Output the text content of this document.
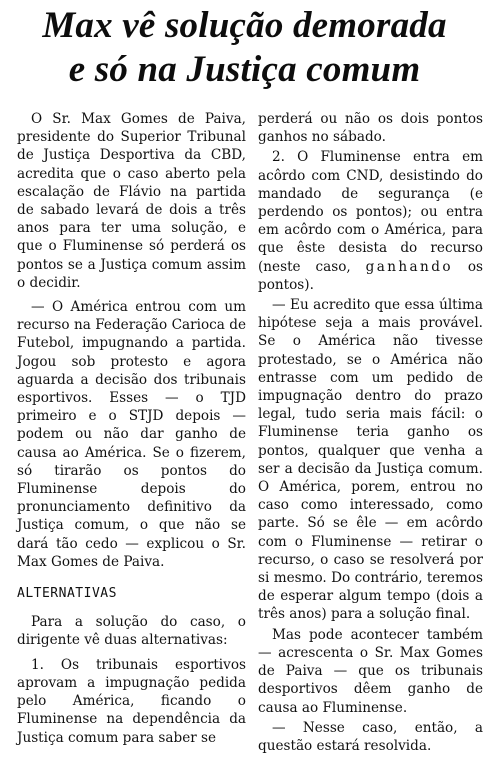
Max vê solução demorada
e só na Justiça comum

O Sr. Max Gomes de Paiva, presidente do Superior Tribunal de Justiça Desportiva da CBD, acredita que o caso aberto pela escalação de Flávio na partida de sabado levará de dois a três anos para ter uma solução, e que o Fluminense só perderá os pontos se a Justiça comum assim o decidir.

— O América entrou com um recurso na Federação Carioca de Futebol, impugnando a partida. Jogou sob protesto e agora aguarda a decisão dos tribunais esportivos. Esses — o TJD primeiro e o STJD depois — podem ou não dar ganho de causa ao América. Se o fizerem, só tirarão os pontos do Fluminense depois do pronunciamento definitivo da Justiça comum, o que não se dará tão cedo — explicou o Sr. Max Gomes de Paiva.

ALTERNATIVAS

Para a solução do caso, o dirigente vê duas alternativas:

1. Os tribunais esportivos aprovam a impugnação pedida pelo América, ficando o Fluminense na dependência da Justiça comum para saber se

perderá ou não os dois pontos ganhos no sábado.

2. O Fluminense entra em acôrdo com CND, desistindo do mandado de segurança (e perdendo os pontos); ou entra em acôrdo com o América, para que êste desista do recurso (neste caso, ganhando os pontos).

— Eu acredito que essa última hipótese seja a mais provável. Se o América não tivesse protestado, se o América não entrasse com um pedido de impugnação dentro do prazo legal, tudo seria mais fácil: o Fluminense teria ganho os pontos, qualquer que venha a ser a decisão da Justiça comum. O América, porem, entrou no caso como interessado, como parte. Só se êle — em acôrdo com o Fluminense — retirar o recurso, o caso se resolverá por si mesmo. Do contrário, teremos de esperar algum tempo (dois a três anos) para a solução final.

Mas pode acontecer também — acrescenta o Sr. Max Gomes de Paiva — que os tribunais desportivos dêem ganho de causa ao Fluminense.

— Nesse caso, então, a questão estará resolvida.
